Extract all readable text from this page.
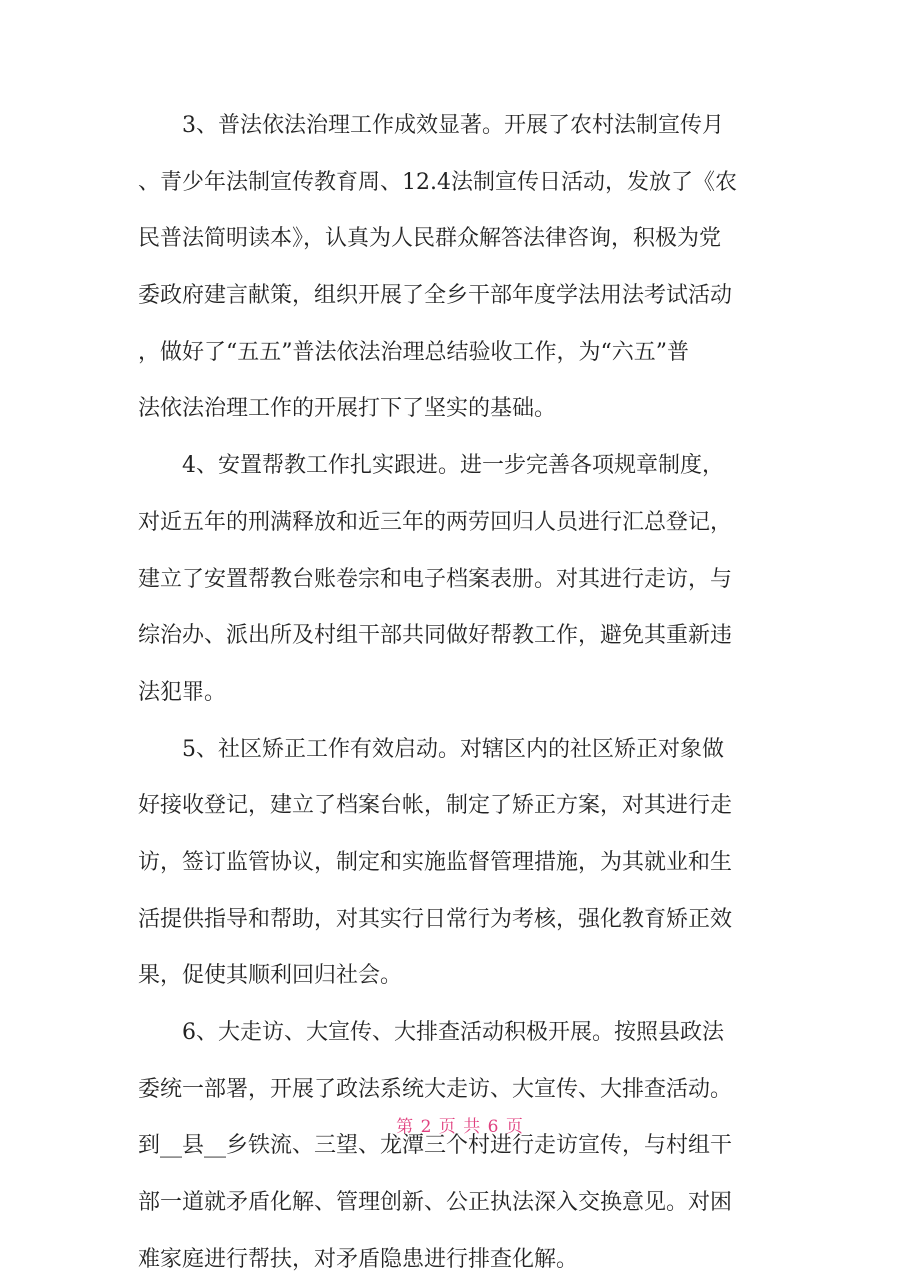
3、普法依法治理工作成效显著。开展了农村法制宣传月
、青少年法制宣传教育周、12.4法制宣传日活动，发放了《农
民普法简明读本》，认真为人民群众解答法律咨询，积极为党
委政府建言献策，组织开展了全乡干部年度学法用法考试活动
，做好了“五五”普法依法治理总结验收工作，为“六五”普
法依法治理工作的开展打下了坚实的基础。
4、安置帮教工作扎实跟进。进一步完善各项规章制度，
对近五年的刑满释放和近三年的两劳回归人员进行汇总登记，
建立了安置帮教台账卷宗和电子档案表册。对其进行走访，与
综治办、派出所及村组干部共同做好帮教工作，避免其重新违
法犯罪。
5、社区矫正工作有效启动。对辖区内的社区矫正对象做
好接收登记，建立了档案台帐，制定了矫正方案，对其进行走
访，签订监管协议，制定和实施监督管理措施，为其就业和生
活提供指导和帮助，对其实行日常行为考核，强化教育矫正效
果，促使其顺利回归社会。
6、大走访、大宣传、大排查活动积极开展。按照县政法
委统一部署，开展了政法系统大走访、大宣传、大排查活动。
到__县__乡铁流、三望、龙潭三个村进行走访宣传，与村组干
部一道就矛盾化解、管理创新、公正执法深入交换意见。对困
难家庭进行帮扶，对矛盾隐患进行排查化解。
第 2 页 共 6 页
